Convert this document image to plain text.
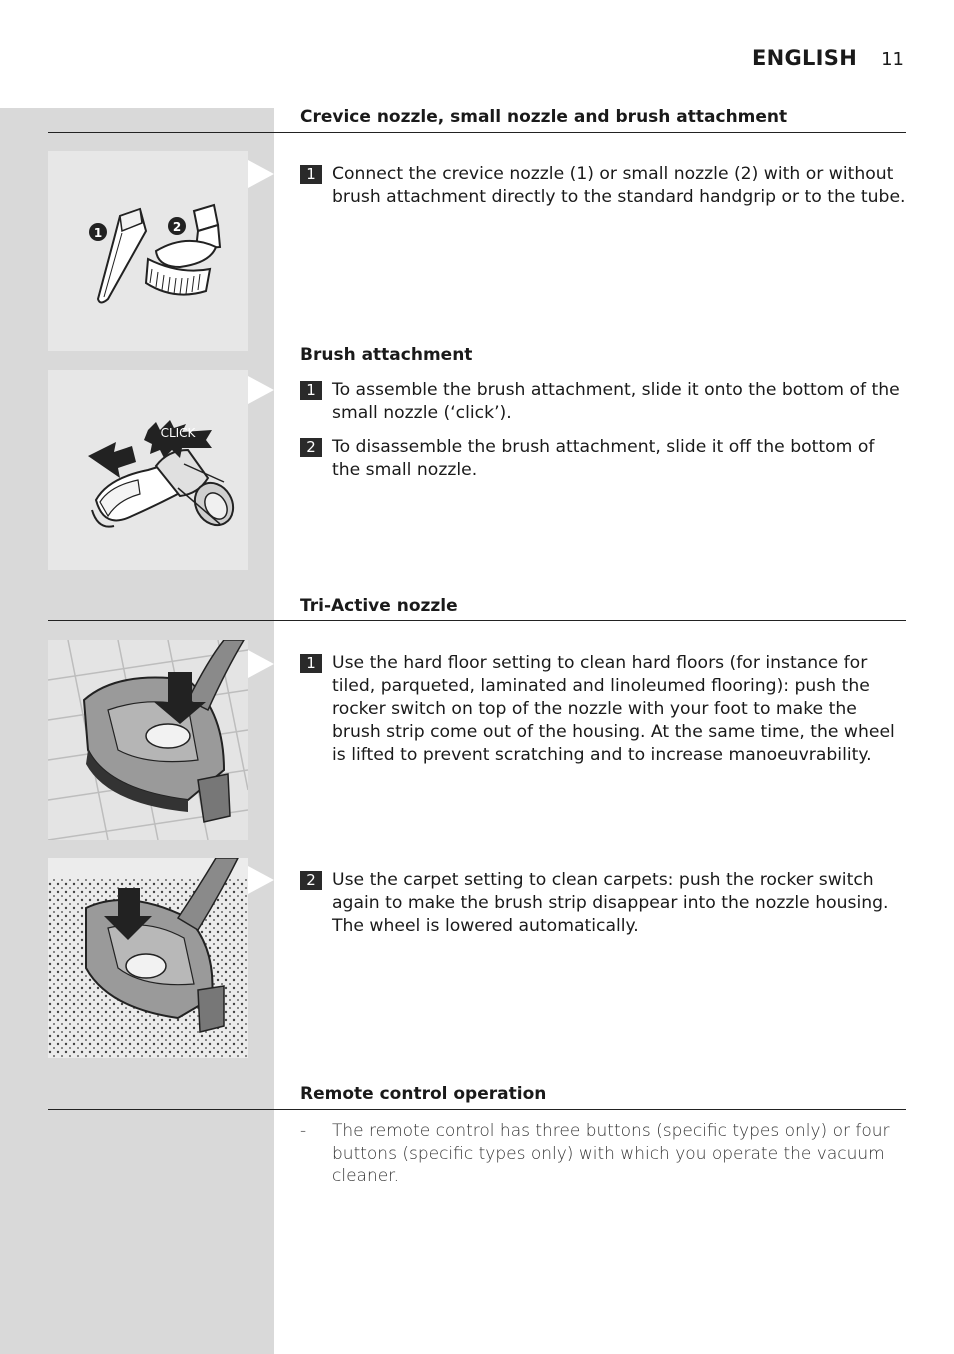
ENGLISH 11
Crevice nozzle, small nozzle and brush attachment
1	2
1 Connect the crevice nozzle (1) or small nozzle (2) with or without brush attachment directly to the standard handgrip or to the tube.
Brush attachment
CLICK
1 To assemble the brush attachment, slide it onto the bottom of the small nozzle (‘click’).
2 To disassemble the brush attachment, slide it off the bottom of the small nozzle.
Tri-Active nozzle
1 Use the hard floor setting to clean hard floors (for instance for tiled, parqueted, laminated and linoleumed flooring): push the rocker switch on top of the nozzle with your foot to make the brush strip come out of the housing. At the same time, the wheel is lifted to prevent scratching and to increase manoeuvrability.
2 Use the carpet setting to clean carpets: push the rocker switch again to make the brush strip disappear into the nozzle housing. The wheel is lowered automatically.
Remote control operation
-	The remote control has three buttons (specific types only) or four buttons (specific types only) with which you operate the vacuum cleaner.
